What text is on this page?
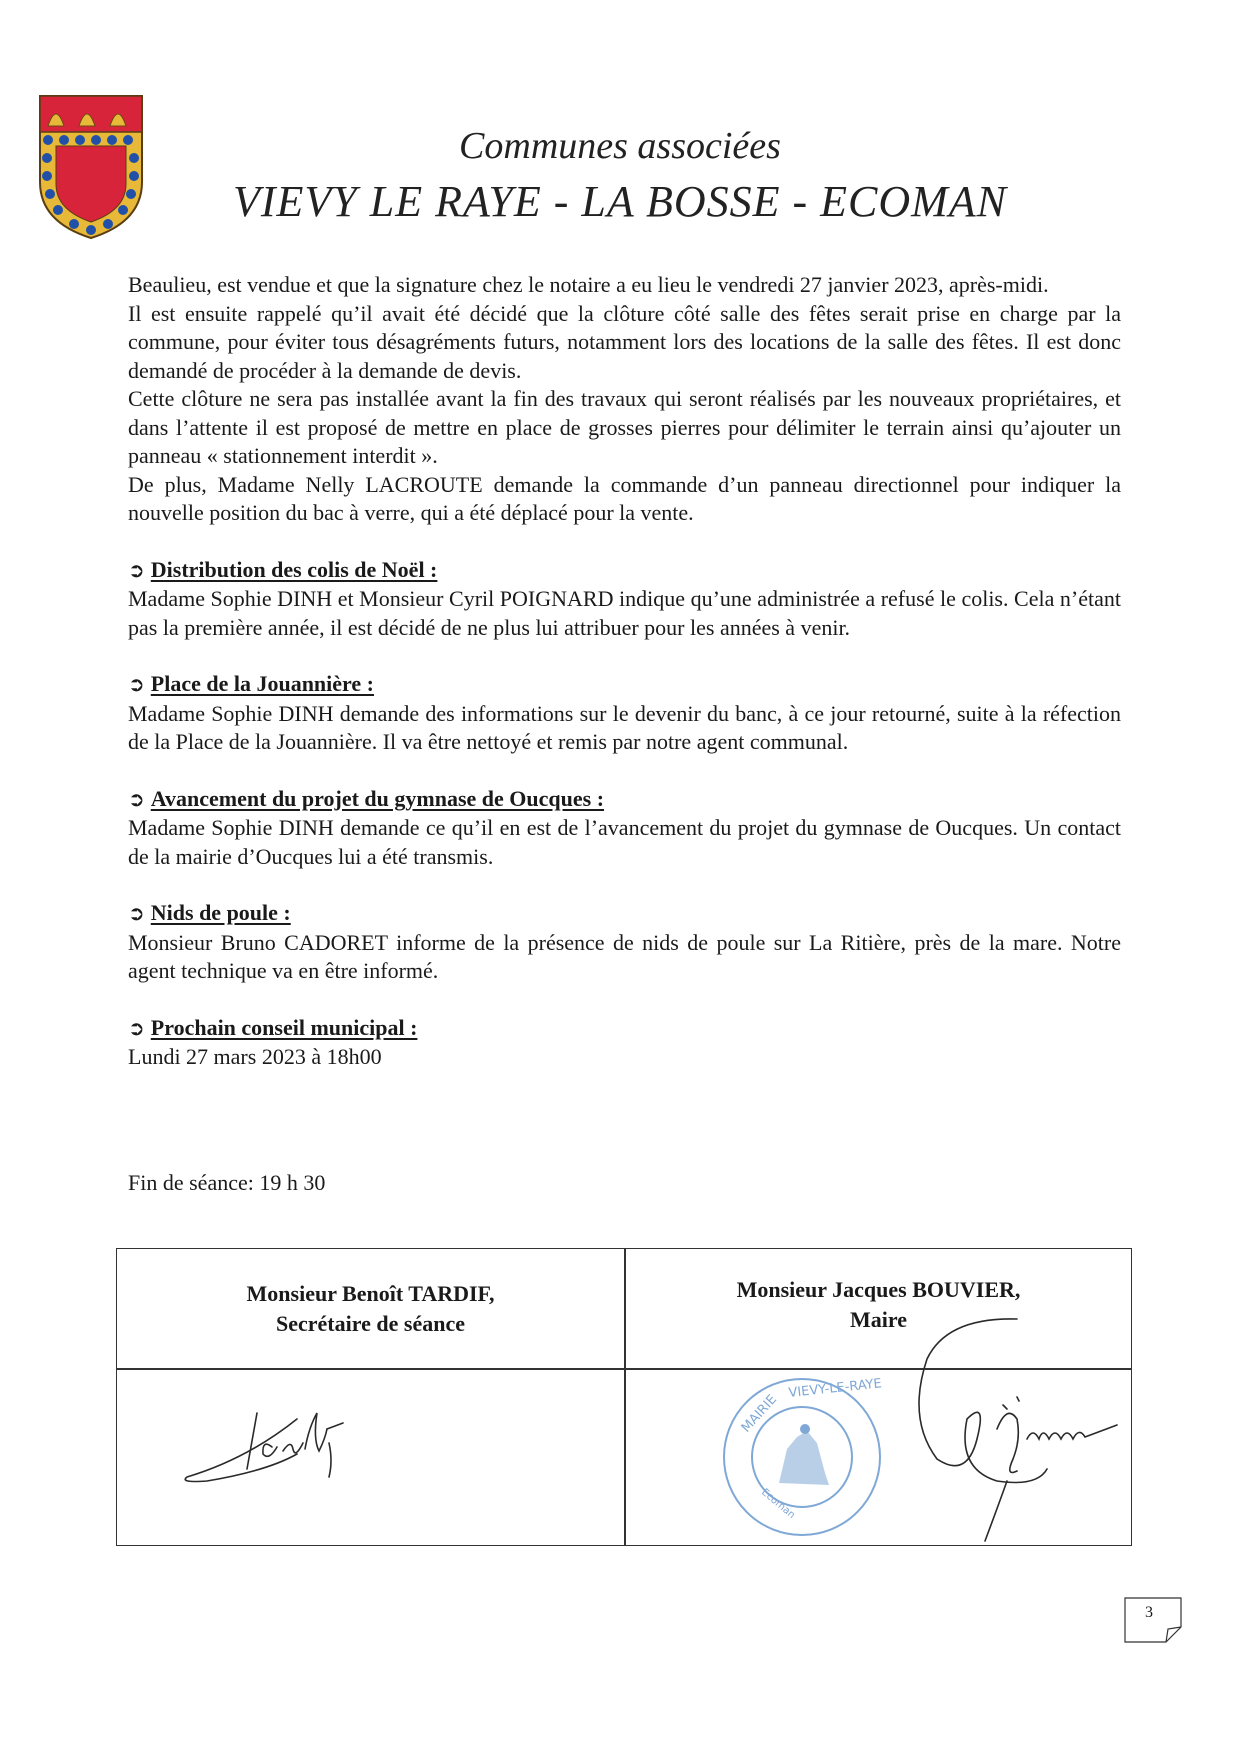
Communes associées
VIEVY LE RAYE - LA BOSSE - ECOMAN

Beaulieu, est vendue et que la signature chez le notaire a eu lieu le vendredi 27 janvier 2023, après-midi.

Il est ensuite rappelé qu’il avait été décidé que la clôture côté salle des fêtes serait prise en charge par la commune, pour éviter tous désagréments futurs, notamment lors des locations de la salle des fêtes. Il est donc demandé de procéder à la demande de devis.

Cette clôture ne sera pas installée avant la fin des travaux qui seront réalisés par les nouveaux propriétaires, et dans l’attente il est proposé de mettre en place de grosses pierres pour délimiter le terrain ainsi qu’ajouter un panneau « stationnement interdit ».

De plus, Madame Nelly LACROUTE demande la commande d’un panneau directionnel pour indiquer la nouvelle position du bac à verre, qui a été déplacé pour la vente.

➲ Distribution des colis de Noël :

Madame Sophie DINH et Monsieur Cyril POIGNARD indique qu’une administrée a refusé le colis. Cela n’étant pas la première année, il est décidé de ne plus lui attribuer pour les années à venir.

➲ Place de la Jouannière :

Madame Sophie DINH demande des informations sur le devenir du banc, à ce jour retourné, suite à la réfection de la Place de la Jouannière. Il va être nettoyé et remis par notre agent communal.

➲ Avancement du projet du gymnase de Oucques :

Madame Sophie DINH demande ce qu’il en est de l’avancement du projet du gymnase de Oucques. Un contact de la mairie d’Oucques lui a été transmis.

➲ Nids de poule :

Monsieur Bruno CADORET informe de la présence de nids de poule sur La Ritière, près de la mare. Notre agent technique va en être informé.

➲ Prochain conseil municipal :

Lundi 27 mars 2023 à 18h00

Fin de séance: 19 h 30
Monsieur Benoît TARDIF,
Secrétaire de séance
Monsieur Jacques BOUVIER,
Maire
MAIRIE
VIEVY-LE-RAYE
Ecoman
3
